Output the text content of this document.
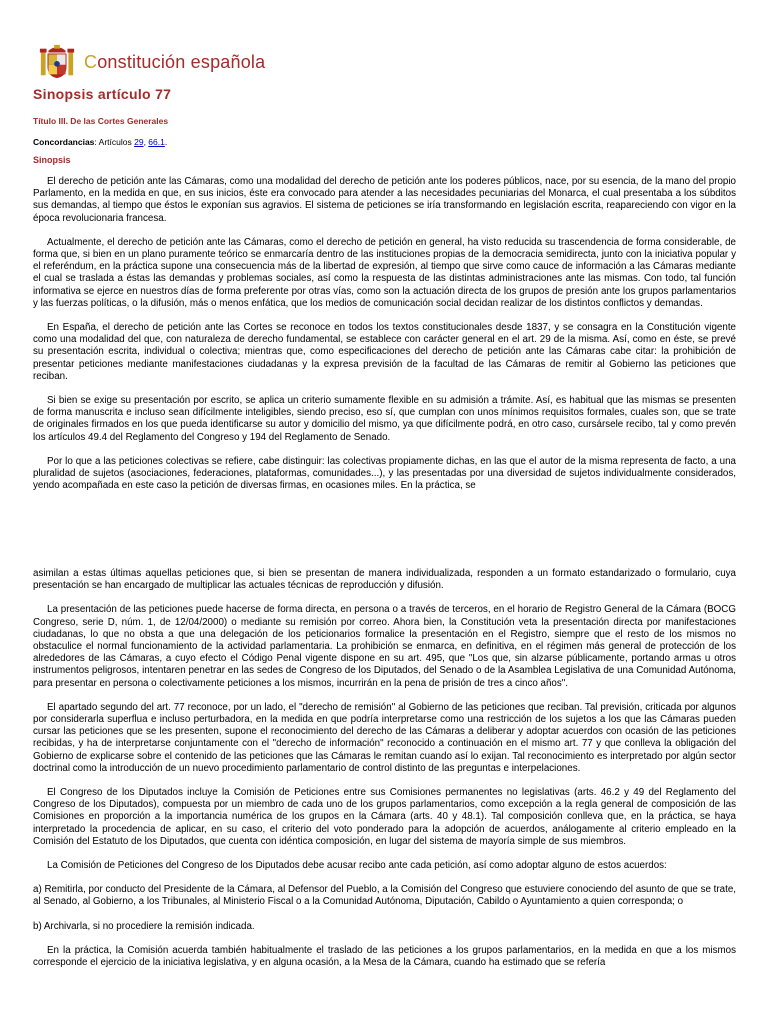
Constitución española
Sinopsis artículo 77
Título III. De las Cortes Generales
Concordancias: Artículos 29, 66.1.
Sinopsis

El derecho de petición ante las Cámaras, como una modalidad del derecho de petición ante los poderes públicos, nace, por su esencia, de la mano del propio Parlamento, en la medida en que, en sus inicios, éste era convocado para atender a las necesidades pecuniarias del Monarca, el cual presentaba a los súbditos sus demandas, al tiempo que éstos le exponían sus agravios. El sistema de peticiones se iría transformando en legislación escrita, reapareciendo con vigor en la época revolucionaria francesa.

Actualmente, el derecho de petición ante las Cámaras, como el derecho de petición en general, ha visto reducida su trascendencia de forma considerable, de forma que, si bien en un plano puramente teórico se enmarcaría dentro de las instituciones propias de la democracia semidirecta, junto con la iniciativa popular y el referéndum, en la práctica supone una consecuencia más de la libertad de expresión, al tiempo que sirve como cauce de información a las Cámaras mediante el cual se traslada a éstas las demandas y problemas sociales, así como la respuesta de las distintas administraciones ante las mismas. Con todo, tal función informativa se ejerce en nuestros días de forma preferente por otras vías, como son la actuación directa de los grupos de presión ante los grupos parlamentarios y las fuerzas políticas, o la difusión, más o menos enfática, que los medios de comunicación social decidan realizar de los distintos conflictos y demandas.

En España, el derecho de petición ante las Cortes se reconoce en todos los textos constitucionales desde 1837, y se consagra en la Constitución vigente como una modalidad del que, con naturaleza de derecho fundamental, se establece con carácter general en el art. 29 de la misma. Así, como en éste, se prevé su presentación escrita, individual o colectiva; mientras que, como especificaciones del derecho de petición ante las Cámaras cabe citar: la prohibición de presentar peticiones mediante manifestaciones ciudadanas y la expresa previsión de la facultad de las Cámaras de remitir al Gobierno las peticiones que reciban.

Si bien se exige su presentación por escrito, se aplica un criterio sumamente flexible en su admisión a trámite. Así, es habitual que las mismas se presenten de forma manuscrita e incluso sean difícilmente inteligibles, siendo preciso, eso sí, que cumplan con unos mínimos requisitos formales, cuales son, que se trate de originales firmados en los que pueda identificarse su autor y domicilio del mismo, ya que difícilmente podrá, en otro caso, cursársele recibo, tal y como prevén los artículos 49.4 del Reglamento del Congreso y 194 del Reglamento de Senado.

Por lo que a las peticiones colectivas se refiere, cabe distinguir: las colectivas propiamente dichas, en las que el autor de la misma representa de facto, a una pluralidad de sujetos (asociaciones, federaciones, plataformas, comunidades...), y las presentadas por una diversidad de sujetos individualmente considerados, yendo acompañada en este caso la petición de diversas firmas, en ocasiones miles. En la práctica, se

asimilan a estas últimas aquellas peticiones que, si bien se presentan de manera individualizada, responden a un formato estandarizado o formulario, cuya presentación se han encargado de multiplicar las actuales técnicas de reproducción y difusión.

La presentación de las peticiones puede hacerse de forma directa, en persona o a través de terceros, en el horario de Registro General de la Cámara (BOCG Congreso, serie D, núm. 1, de 12/04/2000) o mediante su remisión por correo. Ahora bien, la Constitución veta la presentación directa por manifestaciones ciudadanas, lo que no obsta a que una delegación de los peticionarios formalice la presentación en el Registro, siempre que el resto de los mismos no obstaculice el normal funcionamiento de la actividad parlamentaria. La prohibición se enmarca, en definitiva, en el régimen más general de protección de los alrededores de las Cámaras, a cuyo efecto el Código Penal vigente dispone en su art. 495, que "Los que, sin alzarse públicamente, portando armas u otros instrumentos peligrosos, intentaren penetrar en las sedes de Congreso de los Diputados, del Senado o de la Asamblea Legislativa de una Comunidad Autónoma, para presentar en persona o colectivamente peticiones a los mismos, incurrirán en la pena de prisión de tres a cinco años".

El apartado segundo del art. 77 reconoce, por un lado, el "derecho de remisión" al Gobierno de las peticiones que reciban. Tal previsión, criticada por algunos por considerarla superflua e incluso perturbadora, en la medida en que podría interpretarse como una restricción de los sujetos a los que las Cámaras pueden cursar las peticiones que se les presenten, supone el reconocimiento del derecho de las Cámaras a deliberar y adoptar acuerdos con ocasión de las peticiones recibidas, y ha de interpretarse conjuntamente con el "derecho de información" reconocido a continuación en el mismo art. 77 y que conlleva la obligación del Gobierno de explicarse sobre el contenido de las peticiones que las Cámaras le remitan cuando así lo exijan. Tal reconocimiento es interpretado por algún sector doctrinal como la introducción de un nuevo procedimiento parlamentario de control distinto de las preguntas e interpelaciones.

El Congreso de los Diputados incluye la Comisión de Peticiones entre sus Comisiones permanentes no legislativas (arts. 46.2 y 49 del Reglamento del Congreso de los Diputados), compuesta por un miembro de cada uno de los grupos parlamentarios, como excepción a la regla general de composición de las Comisiones en proporción a la importancia numérica de los grupos en la Cámara (arts. 40 y 48.1). Tal composición conlleva que, en la práctica, se haya interpretado la procedencia de aplicar, en su caso, el criterio del voto ponderado para la adopción de acuerdos, análogamente al criterio empleado en la Comisión del Estatuto de los Diputados, que cuenta con idéntica composición, en lugar del sistema de mayoría simple de sus miembros.

La Comisión de Peticiones del Congreso de los Diputados debe acusar recibo ante cada petición, así como adoptar alguno de estos acuerdos:

a) Remitirla, por conducto del Presidente de la Cámara, al Defensor del Pueblo, a la Comisión del Congreso que estuviere conociendo del asunto de que se trate, al Senado, al Gobierno, a los Tribunales, al Ministerio Fiscal o a la Comunidad Autónoma, Diputación, Cabildo o Ayuntamiento a quien corresponda; o

b) Archivarla, si no procediere la remisión indicada.

En la práctica, la Comisión acuerda también habitualmente el traslado de las peticiones a los grupos parlamentarios, en la medida en que a los mismos corresponde el ejercicio de la iniciativa legislativa, y en alguna ocasión, a la Mesa de la Cámara, cuando ha estimado que se refería
